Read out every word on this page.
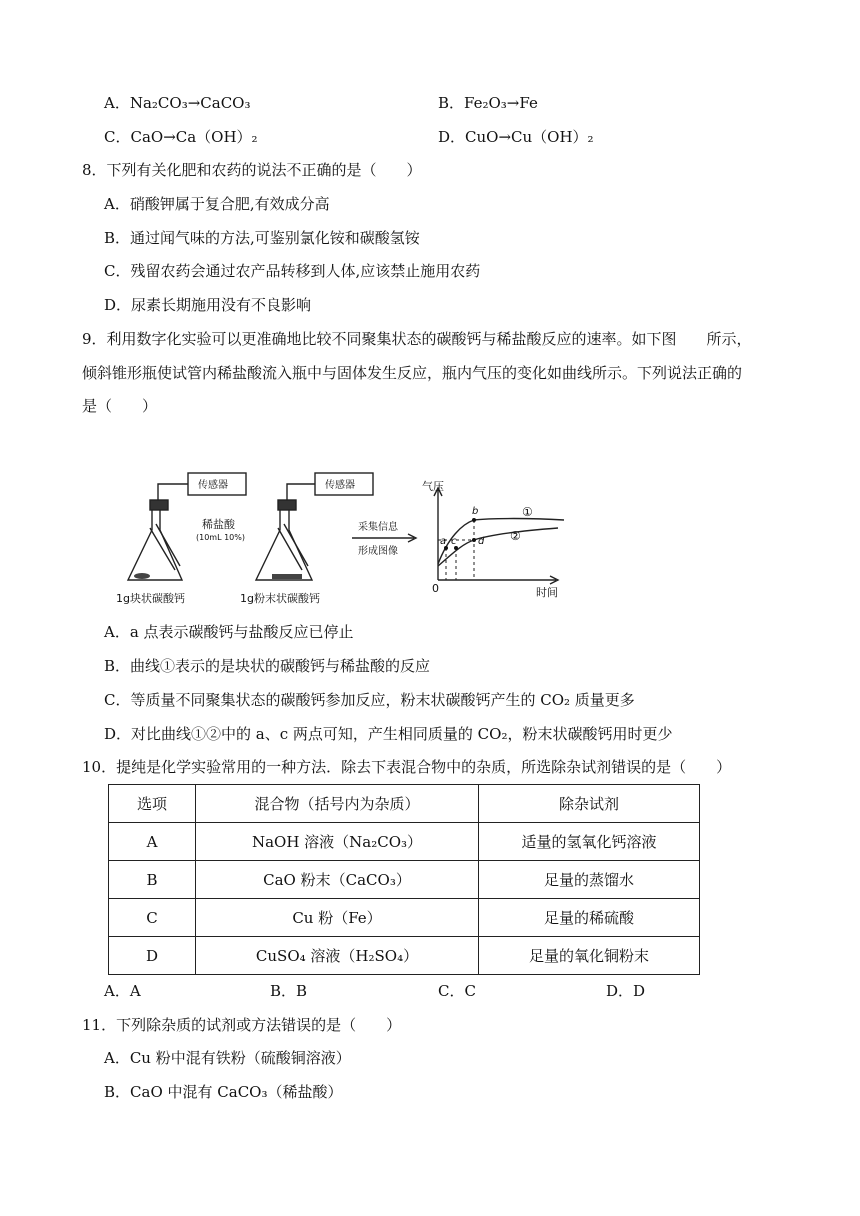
A．Na₂CO₃→CaCO₃	B．Fe₂O₃→Fe
C．CaO→Ca（OH）₂	D．CuO→Cu（OH）₂
8．下列有关化肥和农药的说法不正确的是（　　）
A．硝酸钾属于复合肥,有效成分高
B．通过闻气味的方法,可鉴别氯化铵和碳酸氢铵
C．残留农药会通过农产品转移到人体,应该禁止施用农药
D．尿素长期施用没有不良影响
9．利用数字化实验可以更准确地比较不同聚集状态的碳酸钙与稀盐酸反应的速率。如下图　　所示，
倾斜锥形瓶使试管内稀盐酸流入瓶中与固体发生反应，瓶内气压的变化如曲线所示。下列说法正确的
是（　　）
传感器	传感器
稀盐酸
(10mL 10%)
1g块状碳酸钙	1g粉末状碳酸钙
采集信息
形成图像
气压
时间
0
a c
b
d
①
②
A．a 点表示碳酸钙与盐酸反应已停止
B．曲线①表示的是块状的碳酸钙与稀盐酸的反应
C．等质量不同聚集状态的碳酸钙参加反应，粉末状碳酸钙产生的 CO₂ 质量更多
D．对比曲线①②中的 a、c 两点可知，产生相同质量的 CO₂，粉末状碳酸钙用时更少
10．提纯是化学实验常用的一种方法．除去下表混合物中的杂质，所选除杂试剂错误的是（　　）
选项	混合物（括号内为杂质）	除杂试剂
A	NaOH 溶液（Na₂CO₃）	适量的氢氧化钙溶液
B	CaO 粉末（CaCO₃）	足量的蒸馏水
C	Cu 粉（Fe）	足量的稀硫酸
D	CuSO₄ 溶液（H₂SO₄）	足量的氧化铜粉末
A．A	B．B	C．C	D．D
11．下列除杂质的试剂或方法错误的是（　　）
A．Cu 粉中混有铁粉（硫酸铜溶液）
B．CaO 中混有 CaCO₃（稀盐酸）
